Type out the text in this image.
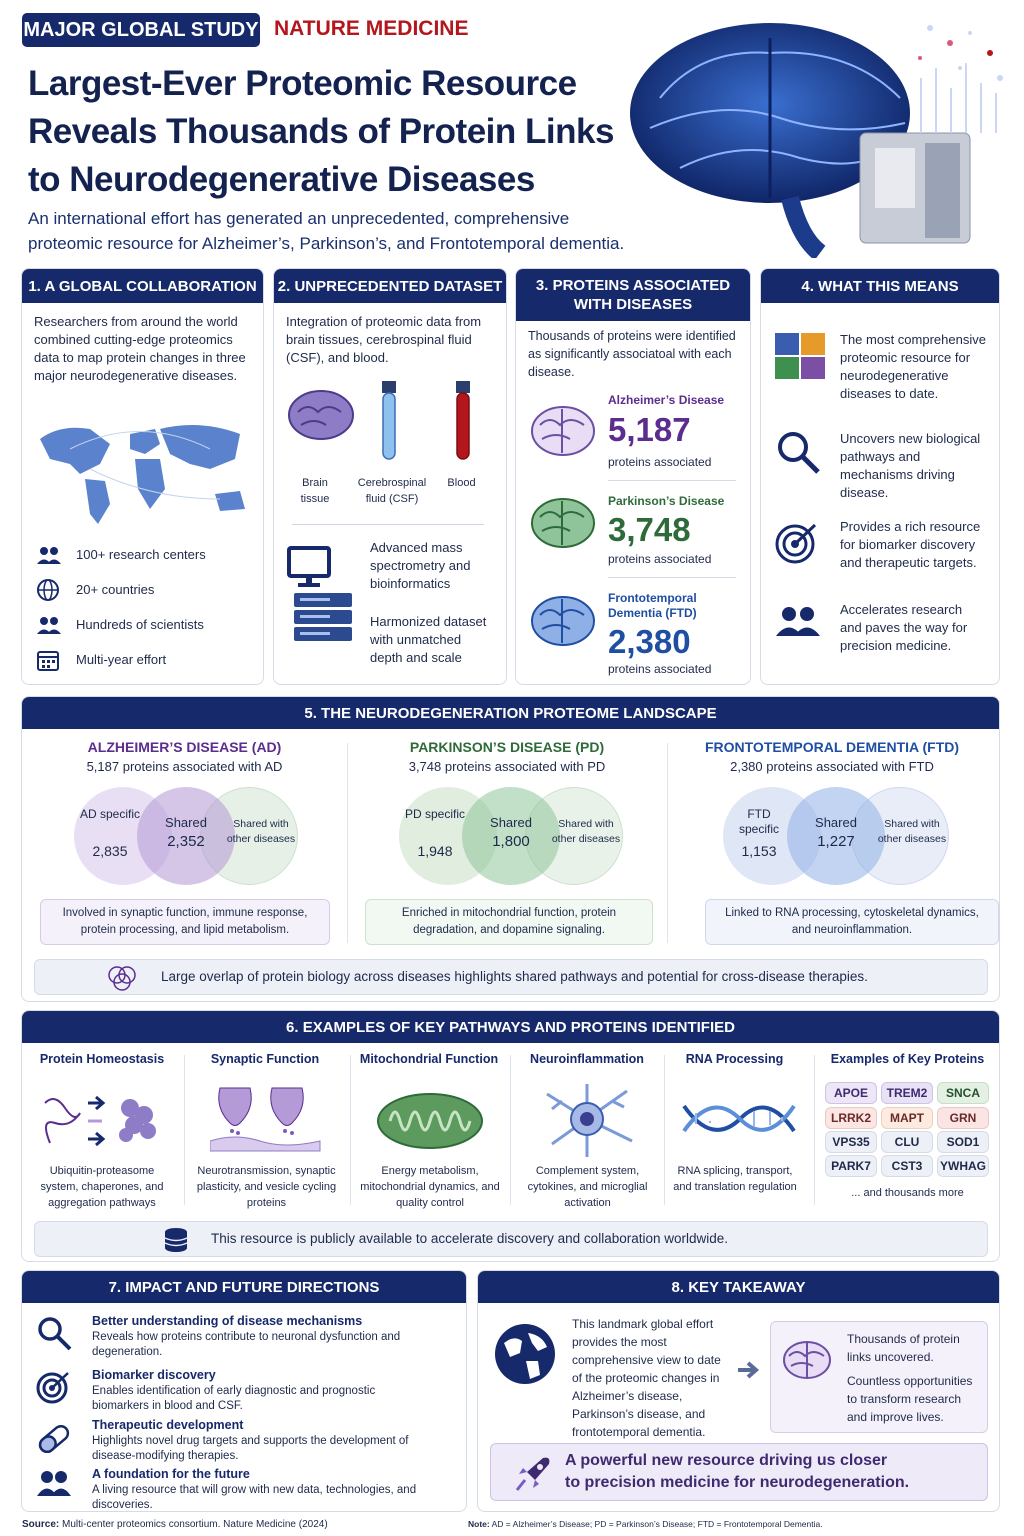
MAJOR GLOBAL STUDY NATURE MEDICINE
Largest-Ever Proteomic Resource
Reveals Thousands of Protein Links
to Neurodegenerative Diseases
An international effort has generated an unprecedented, comprehensive
proteomic resource for Alzheimer’s, Parkinson’s, and Frontotemporal dementia.
1. A GLOBAL COLLABORATION
Researchers from around the world combined cutting-edge proteomics data to map protein changes in three major neurodegenerative diseases.
100+ research centers
20+ countries
Hundreds of scientists
Multi-year effort
2. UNPRECEDENTED DATASET
Integration of proteomic data from brain tissues, cerebrospinal fluid (CSF), and blood.
Brain tissue
Cerebrospinal fluid (CSF)
Blood
Advanced mass spectrometry and bioinformatics
Harmonized dataset with unmatched depth and scale
3. PROTEINS ASSOCIATED WITH DISEASES
Thousands of proteins were identified as significantly associatoal with each disease.
Alzheimer’s Disease
5,187
proteins associated
Parkinson’s Disease
3,748
proteins associated
Frontotemporal Dementia (FTD)
2,380
proteins associated
4. WHAT THIS MEANS
The most comprehensive proteomic resource for neurodegenerative diseases to date.
Uncovers new biological pathways and mechanisms driving disease.
Provides a rich resource for biomarker discovery and therapeutic targets.
Accelerates research and paves the way for precision medicine.
5. THE NEURODEGENERATION PROTEOME LANDSCAPE
ALZHEIMER’S DISEASE (AD)
5,187 proteins associated with AD
AD specific
2,835
Shared
2,352
Shared with other diseases
Involved in synaptic function, immune response, protein processing, and lipid metabolism.
PARKINSON’S DISEASE (PD)
3,748 proteins associated with PD
PD specific
1,948
Shared
1,800
Shared with other diseases
Enriched in mitochondrial function, protein degradation, and dopamine signaling.
FRONTOTEMPORAL DEMENTIA (FTD)
2,380 proteins associated with FTD
FTD specific
1,153
Shared
1,227
Shared with other diseases
Linked to RNA processing, cytoskeletal dynamics, and neuroinflammation.
Large overlap of protein biology across diseases highlights shared pathways and potential for cross-disease therapies.
6. EXAMPLES OF KEY PATHWAYS AND PROTEINS IDENTIFIED
Protein Homeostasis
Ubiquitin-proteasome system, chaperones, and aggregation pathways
Synaptic Function
Neurotransmission, synaptic plasticity, and vesicle cycling proteins
Mitochondrial Function
Energy metabolism, mitochondrial dynamics, and quality control
Neuroinflammation
Complement system, cytokines, and microglial activation
RNA Processing
RNA splicing, transport, and translation regulation
Examples of Key Proteins
APOE	TREM2	SNCA
LRRK2	MAPT	GRN
VPS35	CLU	SOD1
PARK7	CST3	YWHAG
... and thousands more
This resource is publicly available to accelerate discovery and collaboration worldwide.
7. IMPACT AND FUTURE DIRECTIONS
Better understanding of disease mechanisms
Reveals how proteins contribute to neuronal dysfunction and degeneration.
Biomarker discovery
Enables identification of early diagnostic and prognostic biomarkers in blood and CSF.
Therapeutic development
Highlights novel drug targets and supports the development of disease-modifying therapies.
A foundation for the future
A living resource that will grow with new data, technologies, and discoveries.
8. KEY TAKEAWAY
This landmark global effort provides the most comprehensive view to date of the proteomic changes in Alzheimer’s disease, Parkinson’s disease, and frontotemporal dementia.
Thousands of protein links uncovered.
Countless opportunities to transform research and improve lives.
A powerful new resource driving us closer
to precision medicine for neurodegeneration.
Source: Multi-center proteomics consortium. Nature Medicine (2024)	Note: AD = Alzheimer’s Disease; PD = Parkinson’s Disease; FTD = Frontotemporal Dementia.
